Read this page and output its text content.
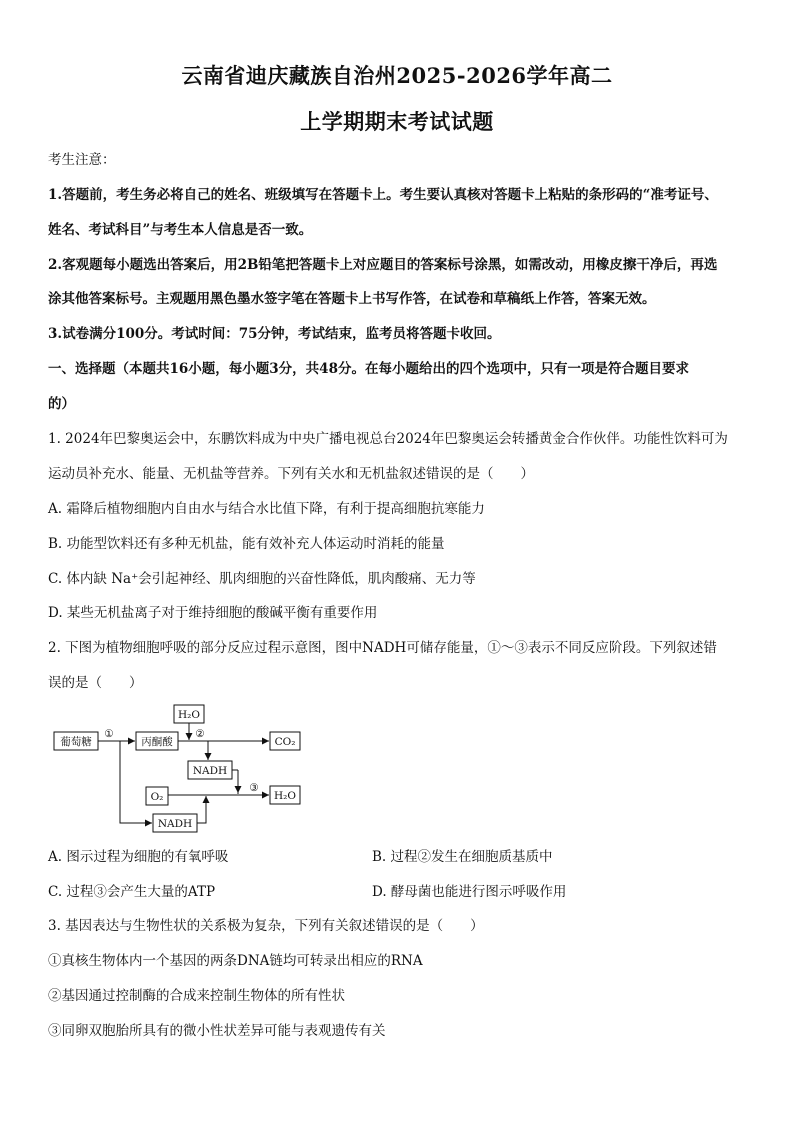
云南省迪庆藏族自治州2025-2026学年高二
上学期期末考试试题
考生注意：
1.答题前，考生务必将自己的姓名、班级填写在答题卡上。考生要认真核对答题卡上粘贴的条形码的“准考证号、
姓名、考试科目”与考生本人信息是否一致。
2.客观题每小题选出答案后，用2B铅笔把答题卡上对应题目的答案标号涂黑，如需改动，用橡皮擦干净后，再选
涂其他答案标号。主观题用黑色墨水签字笔在答题卡上书写作答，在试卷和草稿纸上作答，答案无效。
3.试卷满分100分。考试时间：75分钟，考试结束，监考员将答题卡收回。
一、选择题（本题共16小题，每小题3分，共48分。在每小题给出的四个选项中，只有一项是符合题目要求
的）
1. 2024年巴黎奥运会中，东鹏饮料成为中央广播电视总台2024年巴黎奥运会转播黄金合作伙伴。功能性饮料可为
运动员补充水、能量、无机盐等营养。下列有关水和无机盐叙述错误的是（　　）
A. 霜降后植物细胞内自由水与结合水比值下降，有利于提高细胞抗寒能力
B. 功能型饮料还有多种无机盐，能有效补充人体运动时消耗的能量
C. 体内缺 Na⁺会引起神经、肌肉细胞的兴奋性降低，肌肉酸痛、无力等
D. 某些无机盐离子对于维持细胞的酸碱平衡有重要作用
2. 下图为植物细胞呼吸的部分反应过程示意图，图中NADH可储存能量，①～③表示不同反应阶段。下列叙述错
误的是（　　）
葡萄糖	丙酮酸
H₂O
CO₂
NADH
O₂	H₂O
NADH
①	②
③
A. 图示过程为细胞的有氧呼吸	B. 过程②发生在细胞质基质中
C. 过程③会产生大量的ATP	D. 酵母菌也能进行图示呼吸作用
3. 基因表达与生物性状的关系极为复杂，下列有关叙述错误的是（　　）
①真核生物体内一个基因的两条DNA链均可转录出相应的RNA
②基因通过控制酶的合成来控制生物体的所有性状
③同卵双胞胎所具有的微小性状差异可能与表观遗传有关
